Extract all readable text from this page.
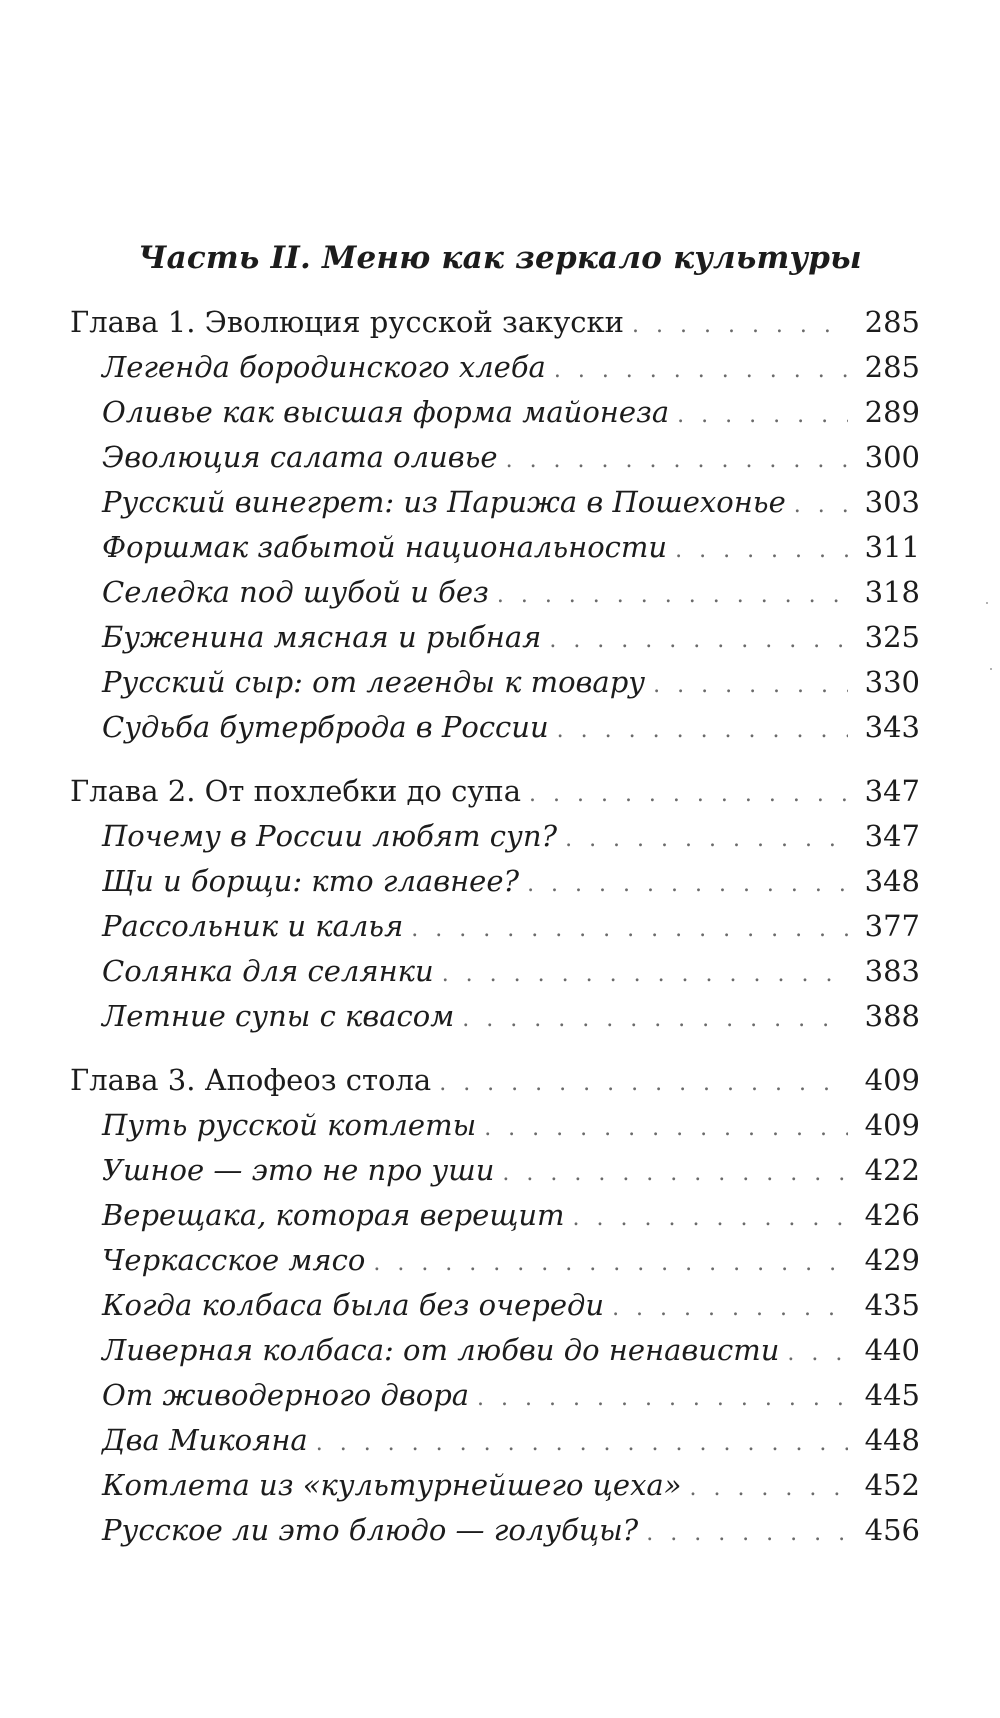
Часть II. Меню как зеркало культуры
Глава 1. Эволюция русской закуски . . .	285
Легенда бородинского хлеба . . .	285
Оливье как высшая форма майонеза . . .	289
Эволюция салата оливье . . .	300
Русский винегрет: из Парижа в Пошехонье . . .	303
Форшмак забытой национальности . . .	311
Селедка под шубой и без . . .	318
Буженина мясная и рыбная . . .	325
Русский сыр: от легенды к товару . . .	330
Судьба бутерброда в России . . .	343
Глава 2. От похлебки до супа . . .	347
Почему в России любят суп? . . .	347
Щи и борщи: кто главнее? . . .	348
Рассольник и калья . . .	377
Солянка для селянки . . .	383
Летние супы с квасом . . .	388
Глава 3. Апофеоз стола . . .	409
Путь русской котлеты . . .	409
Ушное — это не про уши . . .	422
Верещака, которая верещит . . .	426
Черкасское мясо . . .	429
Когда колбаса была без очереди . . .	435
Ливерная колбаса: от любви до ненависти . . .	440
От живодерного двора . . .	445
Два Микояна . . .	448
Котлета из «культурнейшего цеха» . . .	452
Русское ли это блюдо — голубцы? . . .	456
